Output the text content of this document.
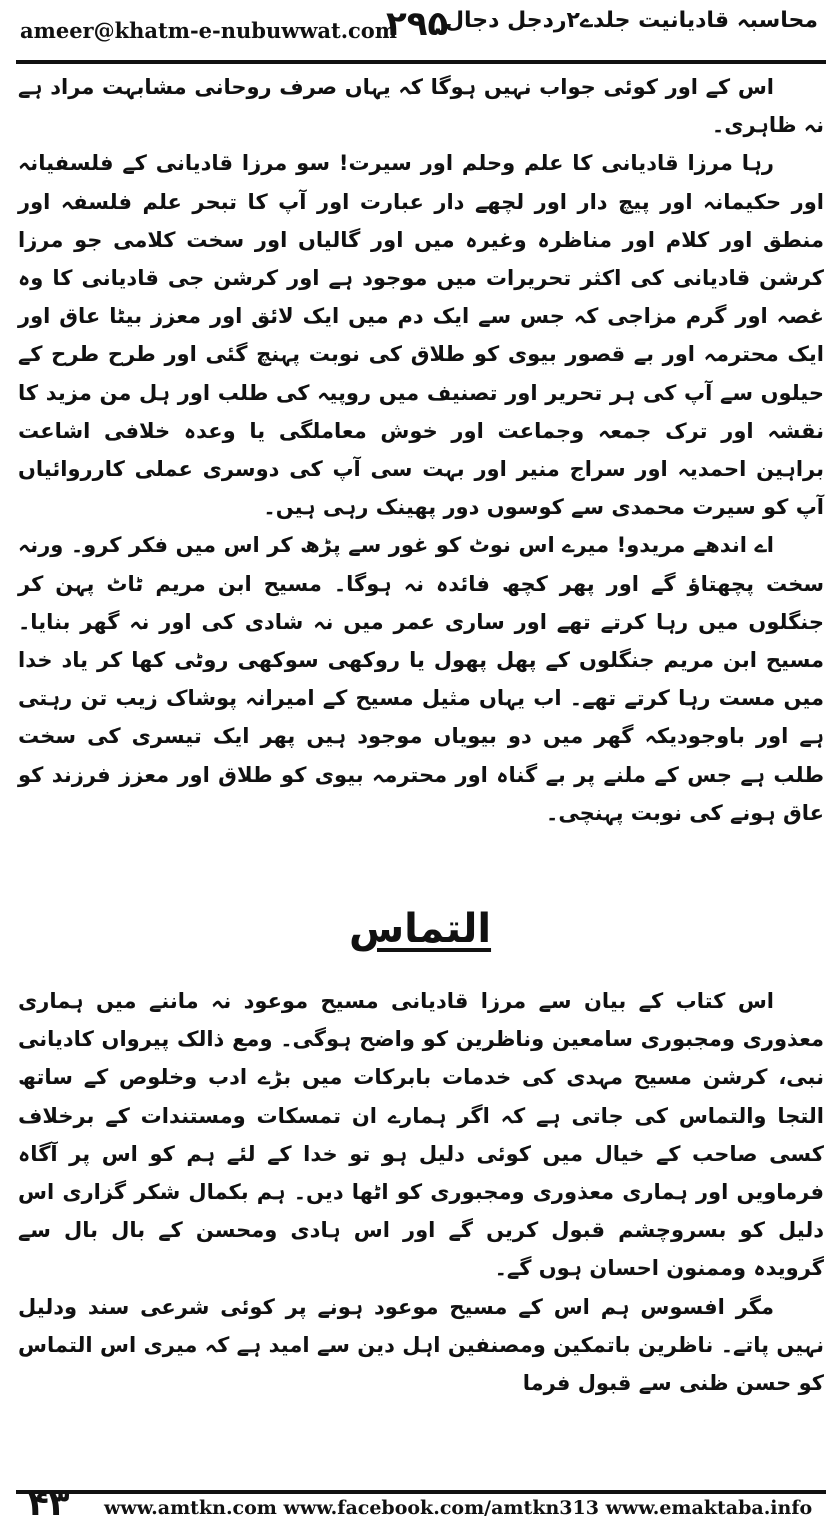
ameer@khatm-e-nubuwwat.com
۲۹۵
محاسبہ قادیانیت جلدے۲ردجل دجال

اس کے اور کوئی جواب نہیں ہوگا کہ یہاں صرف روحانی مشابہت مراد ہے نہ ظاہری۔

رہا مرزا قادیانی کا علم وحلم اور سیرت! سو مرزا قادیانی کے فلسفیانہ اور حکیمانہ اور پیچ دار اور لچھے دار عبارت اور آپ کا تبحر علم فلسفہ اور منطق اور کلام اور مناظرہ وغیرہ میں اور گالیاں اور سخت کلامی جو مرزا کرشن قادیانی کی اکثر تحریرات میں موجود ہے اور کرشن جی قادیانی کا وہ غصہ اور گرم مزاجی کہ جس سے ایک دم میں ایک لائق اور معزز بیٹا عاق اور ایک محترمہ اور بے قصور بیوی کو طلاق کی نوبت پہنچ گئی اور طرح طرح کے حیلوں سے آپ کی ہر تحریر اور تصنیف میں روپیہ کی طلب اور ہل من مزید کا نقشہ اور ترک جمعہ وجماعت اور خوش معاملگی یا وعدہ خلافی اشاعت براہین احمدیہ اور سراج منیر اور بہت سی آپ کی دوسری عملی کارروائیاں آپ کو سیرت محمدی سے کوسوں دور پھینک رہی ہیں۔

اے اندھے مریدو! میرے اس نوٹ کو غور سے پڑھ کر اس میں فکر کرو۔ ورنہ سخت پچھتاؤ گے اور پھر کچھ فائدہ نہ ہوگا۔ مسیح ابن مریم ٹاٹ پہن کر جنگلوں میں رہا کرتے تھے اور ساری عمر میں نہ شادی کی اور نہ گھر بنایا۔ مسیح ابن مریم جنگلوں کے پھل پھول یا روکھی سوکھی روٹی کھا کر یاد خدا میں مست رہا کرتے تھے۔ اب یہاں مثیل مسیح کے امیرانہ پوشاک زیب تن رہتی ہے اور باوجودیکہ گھر میں دو بیویاں موجود ہیں پھر ایک تیسری کی سخت طلب ہے جس کے ملنے پر بے گناہ اور محترمہ بیوی کو طلاق اور معزز فرزند کو عاق ہونے کی نوبت پہنچی۔

التماس

اس کتاب کے بیان سے مرزا قادیانی مسیح موعود نہ ماننے میں ہماری معذوری ومجبوری سامعین وناظرین کو واضح ہوگی۔ ومع ذالک پیرواں کادیانی نبی، کرشن مسیح مہدی کی خدمات بابرکات میں بڑے ادب وخلوص کے ساتھ التجا والتماس کی جاتی ہے کہ اگر ہمارے ان تمسکات ومستندات کے برخلاف کسی صاحب کے خیال میں کوئی دلیل ہو تو خدا کے لئے ہم کو اس پر آگاہ فرماویں اور ہماری معذوری ومجبوری کو اٹھا دیں۔ ہم بکمال شکر گزاری اس دلیل کو بسروچشم قبول کریں گے اور اس ہادی ومحسن کے بال بال سے گرویدہ وممنون احسان ہوں گے۔

مگر افسوس ہم اس کے مسیح موعود ہونے پر کوئی شرعی سند ودلیل نہیں پاتے۔ ناظرین باتمکین ومصنفین اہل دین سے امید ہے کہ میری اس التماس کو حسن ظنی سے قبول فرما

۴۳ www.amtkn.com www.facebook.com/amtkn313 www.emaktaba.info
